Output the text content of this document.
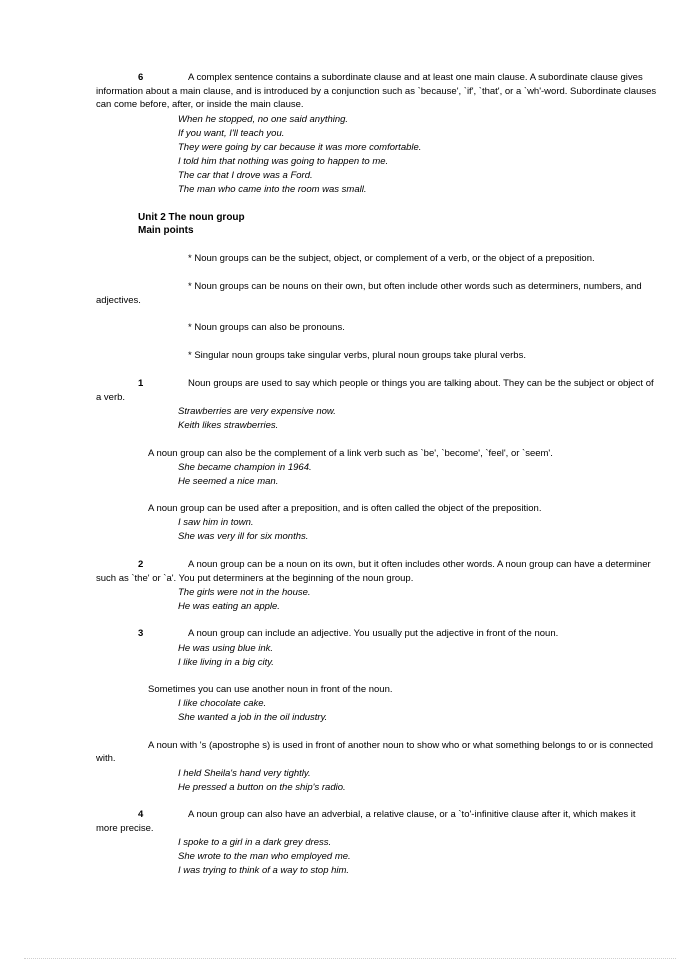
6	A complex sentence contains a subordinate clause and at least one main clause. A subordinate clause gives
information about a main clause, and is introduced by a conjunction such as `because', `if', `that', or a `wh'-word. Subordinate clauses
can come before, after, or inside the main clause.
When he stopped, no one said anything.
If you want, I'll teach you.
They were going by car because it was more comfortable.
I told him that nothing was going to happen to me.
The car that I drove was a Ford.
The man who came into the room was small.
Unit 2 The noun group
Main points
* Noun groups can be the subject, object, or complement of a verb, or the object of a preposition.
* Noun groups can be nouns on their own, but often include other words such as determiners, numbers, and
adjectives.
* Noun groups can also be pronouns.
* Singular noun groups take singular verbs, plural noun groups take plural verbs.
1	Noun groups are used to say which people or things you are talking about. They can be the subject or object of
a verb.
Strawberries are very expensive now.
Keith likes strawberries.
A noun group can also be the complement of a link verb such as `be', `become', `feel', or `seem'.
She became champion in 1964.
He seemed a nice man.
A noun group can be used after a preposition, and is often called the object of the preposition.
I saw him in town.
She was very ill for six months.
2	A noun group can be a noun on its own, but it often includes other words. A noun group can have a determiner
such as `the' or `a'. You put determiners at the beginning of the noun group.
The girls were not in the house.
He was eating an apple.
3	A noun group can include an adjective. You usually put the adjective in front of the noun.
He was using blue ink.
I like living in a big city.
Sometimes you can use another noun in front of the noun.
I like chocolate cake.
She wanted a job in the oil industry.
A noun with 's (apostrophe s) is used in front of another noun to show who or what something belongs to or is connected
with.
I held Sheila's hand very tightly.
He pressed a button on the ship's radio.
4	A noun group can also have an adverbial, a relative clause, or a `to'-infinitive clause after it, which makes it
more precise.
I spoke to a girl in a dark grey dress.
She wrote to the man who employed me.
I was trying to think of a way to stop him.
